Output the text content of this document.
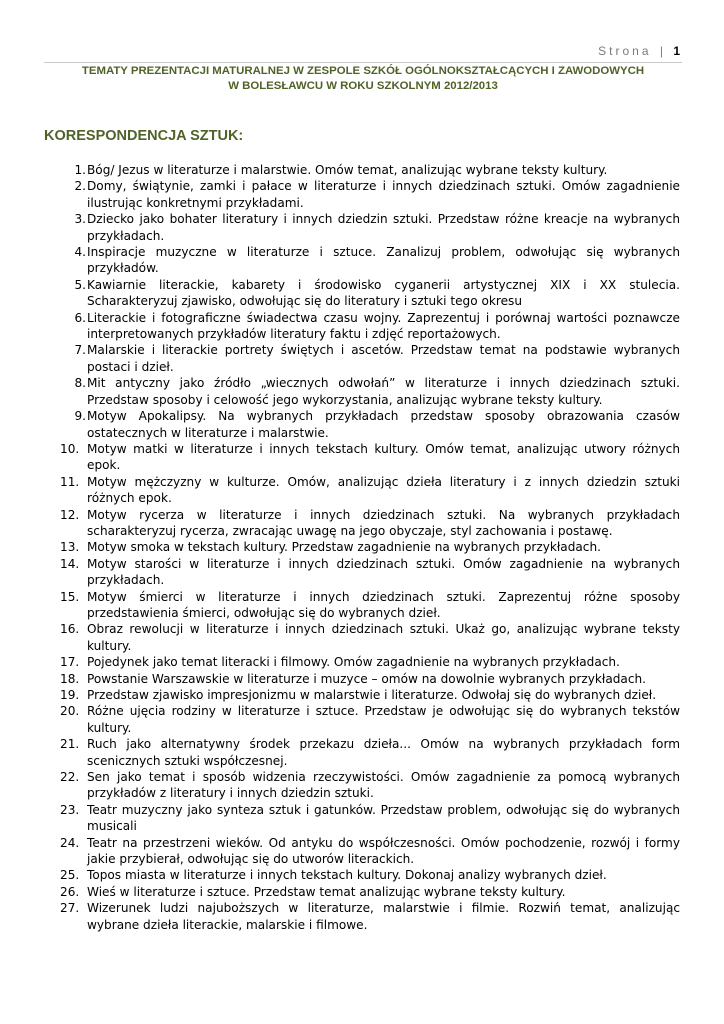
Strona | 1
TEMATY PREZENTACJI MATURALNEJ W ZESPOLE SZKÓŁ OGÓLNOKSZTAŁCĄCYCH I ZAWODOWYCH
W BOLESŁAWCU W ROKU SZKOLNYM 2012/2013
KORESPONDENCJA SZTUK:
1. Bóg/ Jezus w literaturze i malarstwie. Omów temat, analizując wybrane teksty kultury.
2. Domy, świątynie, zamki i pałace w literaturze i innych dziedzinach sztuki. Omów zagadnienie ilustrując konkretnymi przykładami.
3. Dziecko jako bohater literatury i innych dziedzin sztuki. Przedstaw różne kreacje na wybranych przykładach.
4. Inspiracje muzyczne w literaturze i sztuce. Zanalizuj problem, odwołując się wybranych przykładów.
5. Kawiarnie literackie, kabarety i środowisko cyganerii artystycznej XIX i XX stulecia. Scharakteryzuj zjawisko, odwołując się do literatury i sztuki tego okresu
6. Literackie i fotograficzne świadectwa czasu wojny. Zaprezentuj i porównaj wartości poznawcze interpretowanych przykładów literatury faktu i zdjęć reportażowych.
7. Malarskie i literackie portrety świętych i ascetów. Przedstaw temat na podstawie wybranych postaci i dzieł.
8. Mit antyczny jako źródło „wiecznych odwołań” w literaturze i innych dziedzinach sztuki. Przedstaw sposoby i celowość jego wykorzystania, analizując wybrane teksty kultury.
9. Motyw Apokalipsy. Na wybranych przykładach przedstaw sposoby obrazowania czasów ostatecznych w literaturze i malarstwie.
10. Motyw matki w literaturze i innych tekstach kultury. Omów temat, analizując utwory różnych epok.
11. Motyw mężczyzny w kulturze. Omów, analizując dzieła literatury i z innych dziedzin sztuki różnych epok.
12. Motyw rycerza w literaturze i innych dziedzinach sztuki. Na wybranych przykładach scharakteryzuj rycerza, zwracając uwagę na jego obyczaje, styl zachowania i postawę.
13. Motyw smoka w tekstach kultury. Przedstaw zagadnienie na wybranych przykładach.
14. Motyw starości w literaturze i innych dziedzinach sztuki. Omów zagadnienie na wybranych przykładach.
15. Motyw śmierci w literaturze i innych dziedzinach sztuki. Zaprezentuj różne sposoby przedstawienia śmierci, odwołując się do wybranych dzieł.
16. Obraz rewolucji w literaturze i innych dziedzinach sztuki. Ukaż go, analizując wybrane teksty kultury.
17. Pojedynek jako temat literacki i filmowy. Omów zagadnienie na wybranych przykładach.
18. Powstanie Warszawskie w literaturze i muzyce – omów na dowolnie wybranych przykładach.
19. Przedstaw zjawisko impresjonizmu w malarstwie i literaturze. Odwołaj się do wybranych dzieł.
20. Różne ujęcia rodziny w literaturze i sztuce. Przedstaw je odwołując się do wybranych tekstów kultury.
21. Ruch jako alternatywny środek przekazu dzieła... Omów na wybranych przykładach form scenicznych sztuki współczesnej.
22. Sen jako temat i sposób widzenia rzeczywistości. Omów zagadnienie za pomocą wybranych przykładów z literatury i innych dziedzin sztuki.
23. Teatr muzyczny jako synteza sztuk i gatunków. Przedstaw problem, odwołując się do wybranych musicali
24. Teatr na przestrzeni wieków. Od antyku do współczesności. Omów pochodzenie, rozwój i formy jakie przybierał, odwołując się do utworów literackich.
25. Topos miasta w literaturze i innych tekstach kultury. Dokonaj analizy wybranych dzieł.
26. Wieś w literaturze i sztuce. Przedstaw temat analizując wybrane teksty kultury.
27. Wizerunek ludzi najuboższych w literaturze, malarstwie i filmie. Rozwiń temat, analizując wybrane dzieła literackie, malarskie i filmowe.
